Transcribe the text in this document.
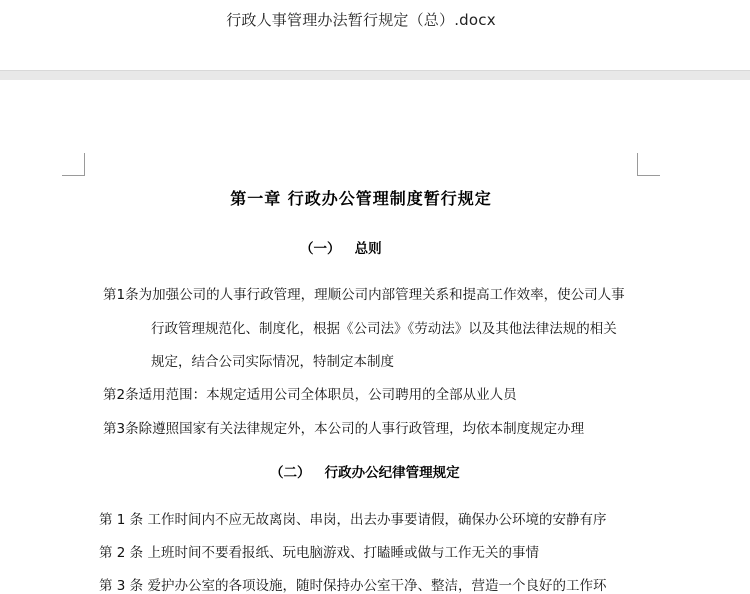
行政人事管理办法暂行规定（总）.docx
第一章 行政办公管理制度暂行规定
（一）   总则
第1条为加强公司的人事行政管理，理顺公司内部管理关系和提高工作效率，使公司人事
行政管理规范化、制度化，根据《公司法》《劳动法》以及其他法律法规的相关
规定，结合公司实际情况，特制定本制度
第2条适用范围：本规定适用公司全体职员，公司聘用的全部从业人员
第3条除遵照国家有关法律规定外，本公司的人事行政管理，均依本制度规定办理
（二）   行政办公纪律管理规定
第 1 条 工作时间内不应无故离岗、串岗，出去办事要请假，确保办公环境的安静有序
第 2 条 上班时间不要看报纸、玩电脑游戏、打瞌睡或做与工作无关的事情
第 3 条 爱护办公室的各项设施，随时保持办公室干净、整洁，营造一个良好的工作环
